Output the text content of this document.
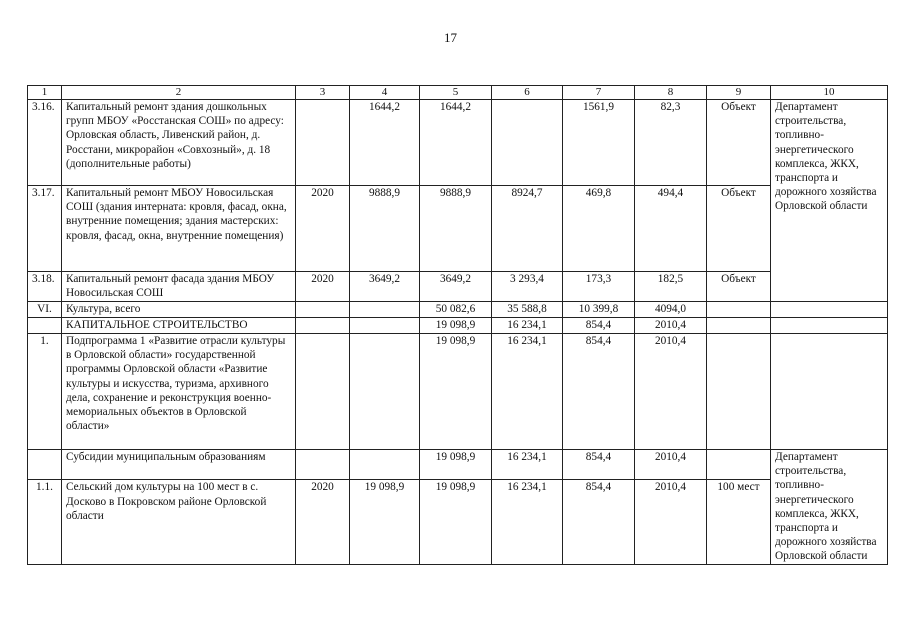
17
1	2	3	4	5	6	7	8	9	10
3.16.	Капитальный ремонт здания дошкольных групп МБОУ «Росстанская СОШ» по адресу: Орловская область, Ливенский район, д. Росстани, микрорайон «Совхозный», д. 18 (дополнительные работы)		1644,2	1644,2		1561,9	82,3	Объект	Департамент строительства, топливно-энергетического комплекса, ЖКХ, транспорта и дорожного хозяйства Орловской области
3.17.	Капитальный ремонт МБОУ Новосильская СОШ (здания интерната: кровля, фасад, окна, внутренние помещения; здания мастерских: кровля, фасад, окна, внутренние помещения)	2020	9888,9	9888,9	8924,7	469,8	494,4	Объект	
3.18.	Капитальный ремонт фасада здания МБОУ Новосильская СОШ	2020	3649,2	3649,2	3 293,4	173,3	182,5	Объект	
VI.	Культура, всего			50 082,6	35 588,8	10 399,8	4094,0		
	КАПИТАЛЬНОЕ СТРОИТЕЛЬСТВО			19 098,9	16 234,1	854,4	2010,4		
1.	Подпрограмма 1 «Развитие отрасли культуры в Орловской области» государственной программы Орловской области «Развитие культуры и искусства, туризма, архивного дела, сохранение и реконструкция военно-мемориальных объектов в Орловской области»			19 098,9	16 234,1	854,4	2010,4		
	Субсидии муниципальным образованиям			19 098,9	16 234,1	854,4	2010,4		Департамент строительства, топливно-энергетического комплекса, ЖКХ, транспорта и дорожного хозяйства Орловской области
1.1.	Сельский дом культуры на 100 мест в с. Досково в Покровском районе Орловской области	2020	19 098,9	19 098,9	16 234,1	854,4	2010,4	100 мест	
